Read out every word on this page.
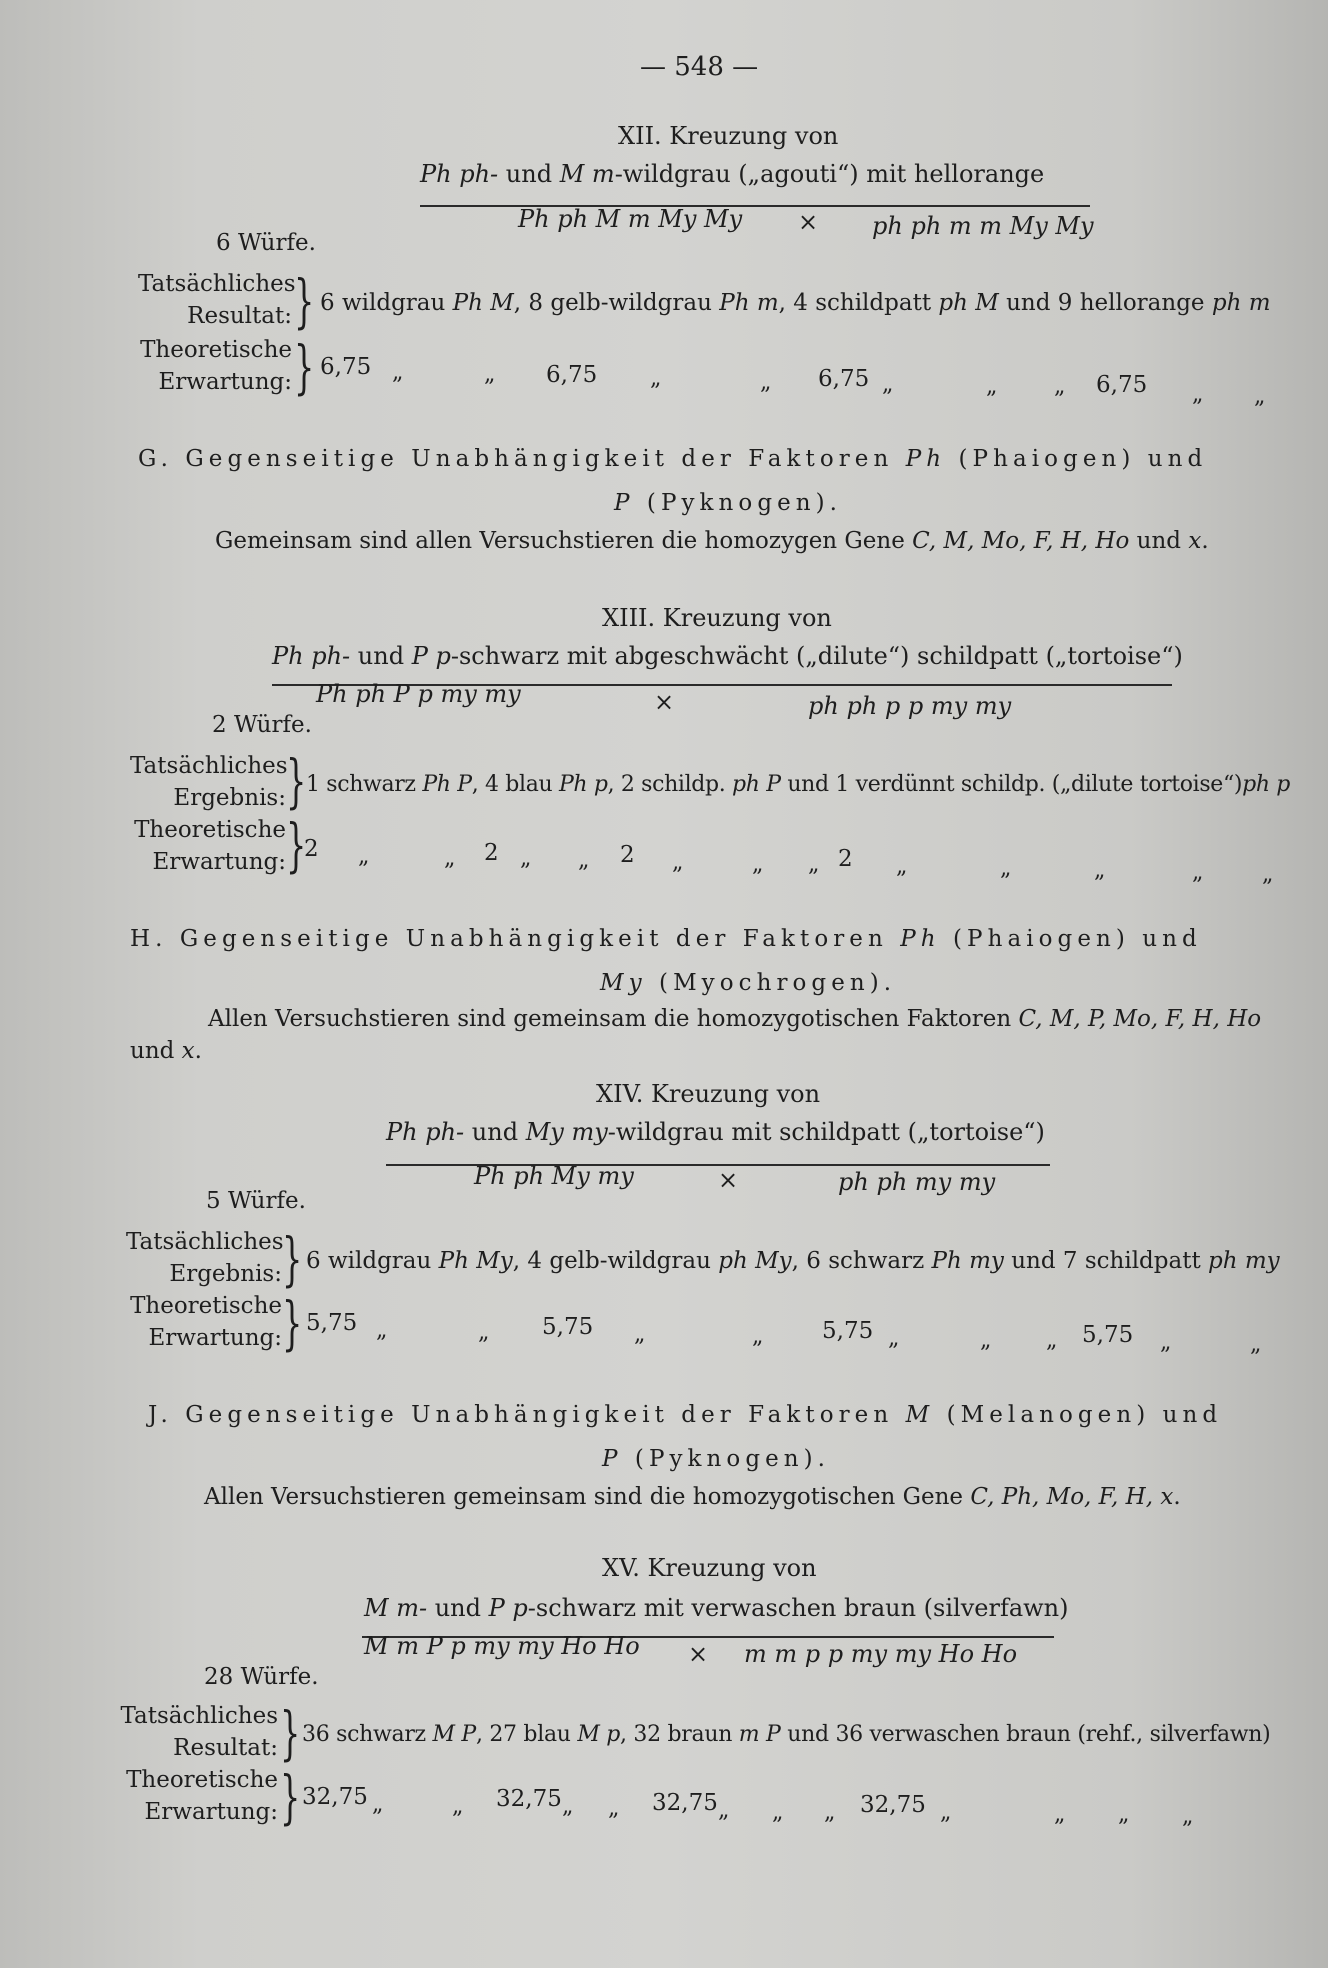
— 548 —
XII. Kreuzung von
Ph ph- und M m-wildgrau („agouti“) mit hellorange
Ph ph M m My My × ph ph m m My My
6 Würfe.
Tatsächliches
Resultat: } 6 wildgrau Ph M, 8 gelb-wildgrau Ph m, 4 schildpatt ph M und 9 hellorange ph m
Theoretische
Erwartung: } 6,75 „	„ 6,75 „	„ 6,75 „	„	„ 6,75 „ „
G. Gegenseitige Unabhängigkeit der Faktoren Ph (Phaiogen) und
P (Pyknogen).
Gemeinsam sind allen Versuchstieren die homozygen Gene C, M, Mo, F, H, Ho und x.
XIII. Kreuzung von
Ph ph- und P p-schwarz mit abgeschwächt („dilute“) schildpatt („tortoise“)
Ph ph P p my my	×	ph ph p p my my
2 Würfe.
Tatsächliches
Ergebnis: } 1 schwarz Ph P, 4 blau Ph p, 2 schildp. ph P und 1 verdünnt schildp. („dilute tortoise“)ph p
Theoretische
Erwartung: }
2 „	„ 2 „ „ 2 „	„ „ 2 „	„	„	„	„
H. Gegenseitige Unabhängigkeit der Faktoren Ph (Phaiogen) und
My (Myochrogen).
Allen Versuchstieren sind gemeinsam die homozygotischen Faktoren C, M, P, Mo, F, H, Ho
und x.
XIV. Kreuzung von
Ph ph- und My my-wildgrau mit schildpatt („tortoise“)
Ph ph My my	×	ph ph my my
5 Würfe.
Tatsächliches
Ergebnis: } 6 wildgrau Ph My, 4 gelb-wildgrau ph My, 6 schwarz Ph my und 7 schildpatt ph my
Theoretische
Erwartung: } 5,75 „	„ 5,75 „	„	5,75 „	„ „ 5,75 „	„
J. Gegenseitige Unabhängigkeit der Faktoren M (Melanogen) und
P (Pyknogen).
Allen Versuchstieren gemeinsam sind die homozygotischen Gene C, Ph, Mo, F, H, x.
XV. Kreuzung von
M m- und P p-schwarz mit verwaschen braun (silverfawn)
M m P p my my Ho Ho × m m p p my my Ho Ho
28 Würfe.
Tatsächliches
Resultat: } 36 schwarz M P, 27 blau M p, 32 braun m P und 36 verwaschen braun (rehf., silverfawn)
Theoretische
Erwartung: } 32,75 „	„ 32,75 „ „ 32,75 „ „ „ 32,75 „	„ „ „
